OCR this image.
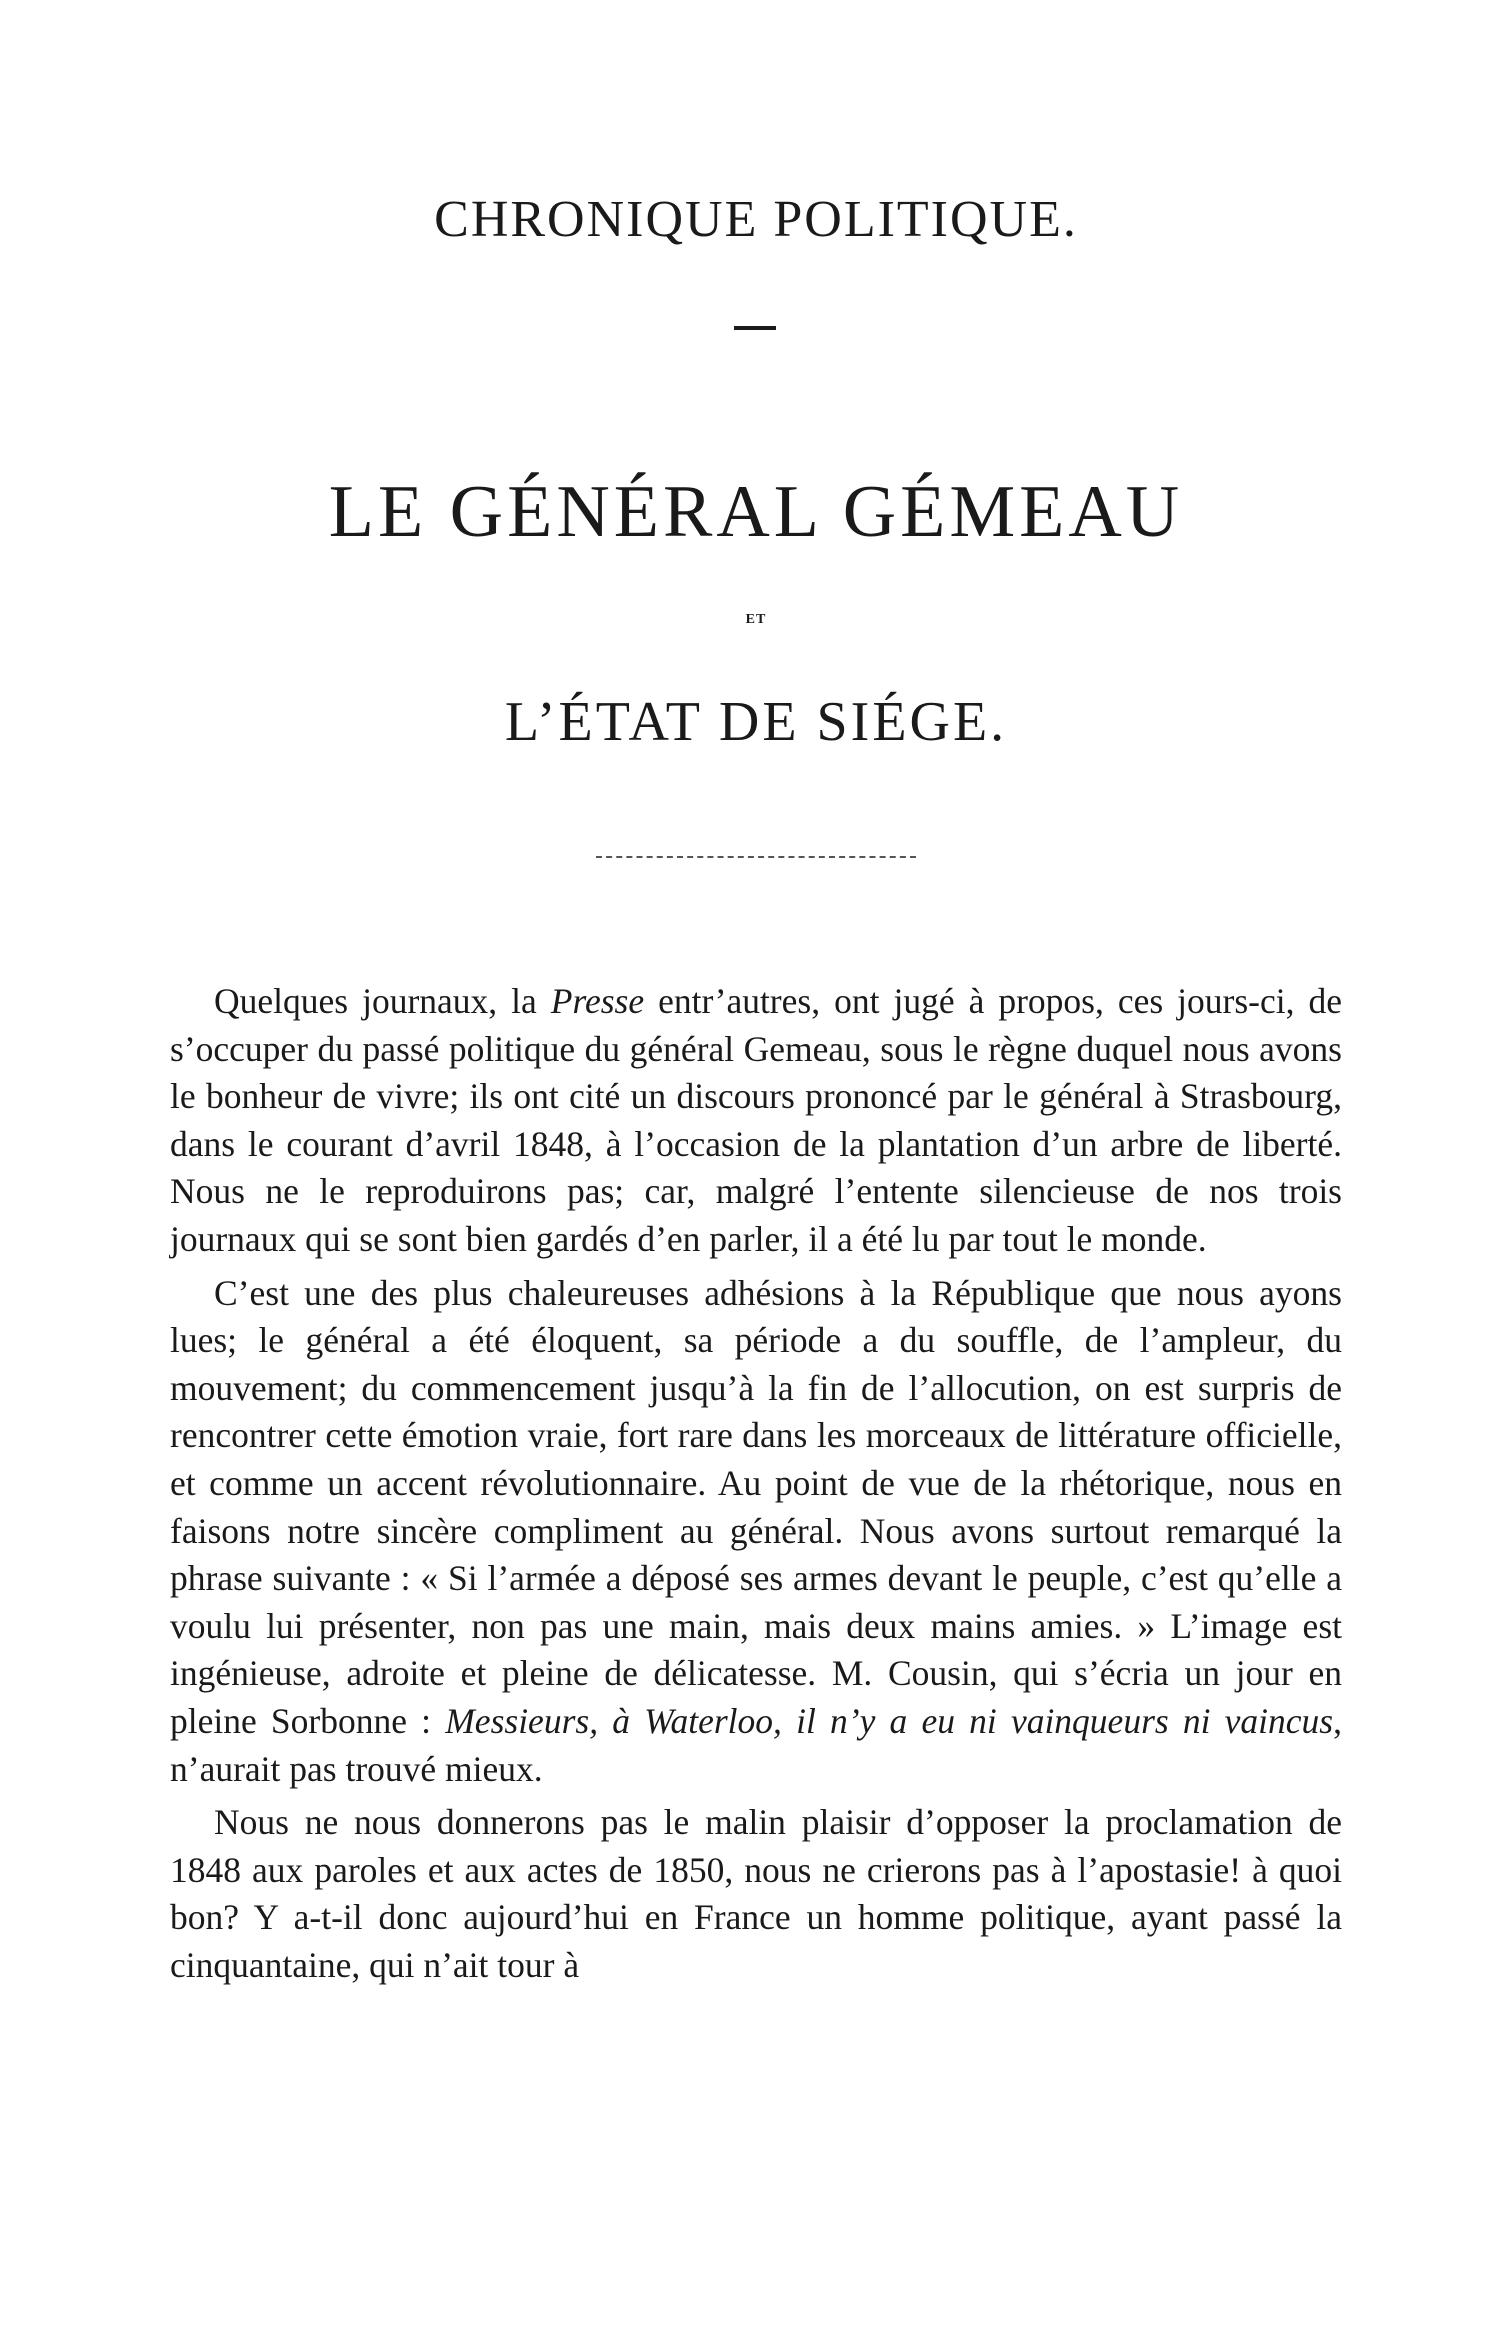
CHRONIQUE POLITIQUE.
LE GÉNÉRAL GÉMEAU
ET
L’ÉTAT DE SIÉGE.

Quelques journaux, la Presse entr’autres, ont jugé à propos, ces jours-ci, de s’occuper du passé politique du général Gemeau, sous le règne duquel nous avons le bonheur de vivre; ils ont cité un discours prononcé par le général à Strasbourg, dans le courant d’avril 1848, à l’occasion de la plantation d’un arbre de liberté. Nous ne le reproduirons pas; car, malgré l’entente silencieuse de nos trois journaux qui se sont bien gardés d’en parler, il a été lu par tout le monde.

C’est une des plus chaleureuses adhésions à la République que nous ayons lues; le général a été éloquent, sa période a du souffle, de l’ampleur, du mouvement; du commencement jusqu’à la fin de l’allocution, on est surpris de rencontrer cette émotion vraie, fort rare dans les morceaux de littérature officielle, et comme un accent révolutionnaire. Au point de vue de la rhétorique, nous en faisons notre sincère compliment au général. Nous avons surtout remarqué la phrase suivante : « Si l’armée a déposé ses armes devant le peuple, c’est qu’elle a voulu lui présenter, non pas une main, mais deux mains amies. » L’image est ingénieuse, adroite et pleine de délicatesse. M. Cousin, qui s’écria un jour en pleine Sorbonne : Messieurs, à Waterloo, il n’y a eu ni vainqueurs ni vaincus, n’aurait pas trouvé mieux.

Nous ne nous donnerons pas le malin plaisir d’opposer la proclamation de 1848 aux paroles et aux actes de 1850, nous ne crierons pas à l’apostasie! à quoi bon? Y a-t-il donc aujourd’hui en France un homme politique, ayant passé la cinquantaine, qui n’ait tour à
